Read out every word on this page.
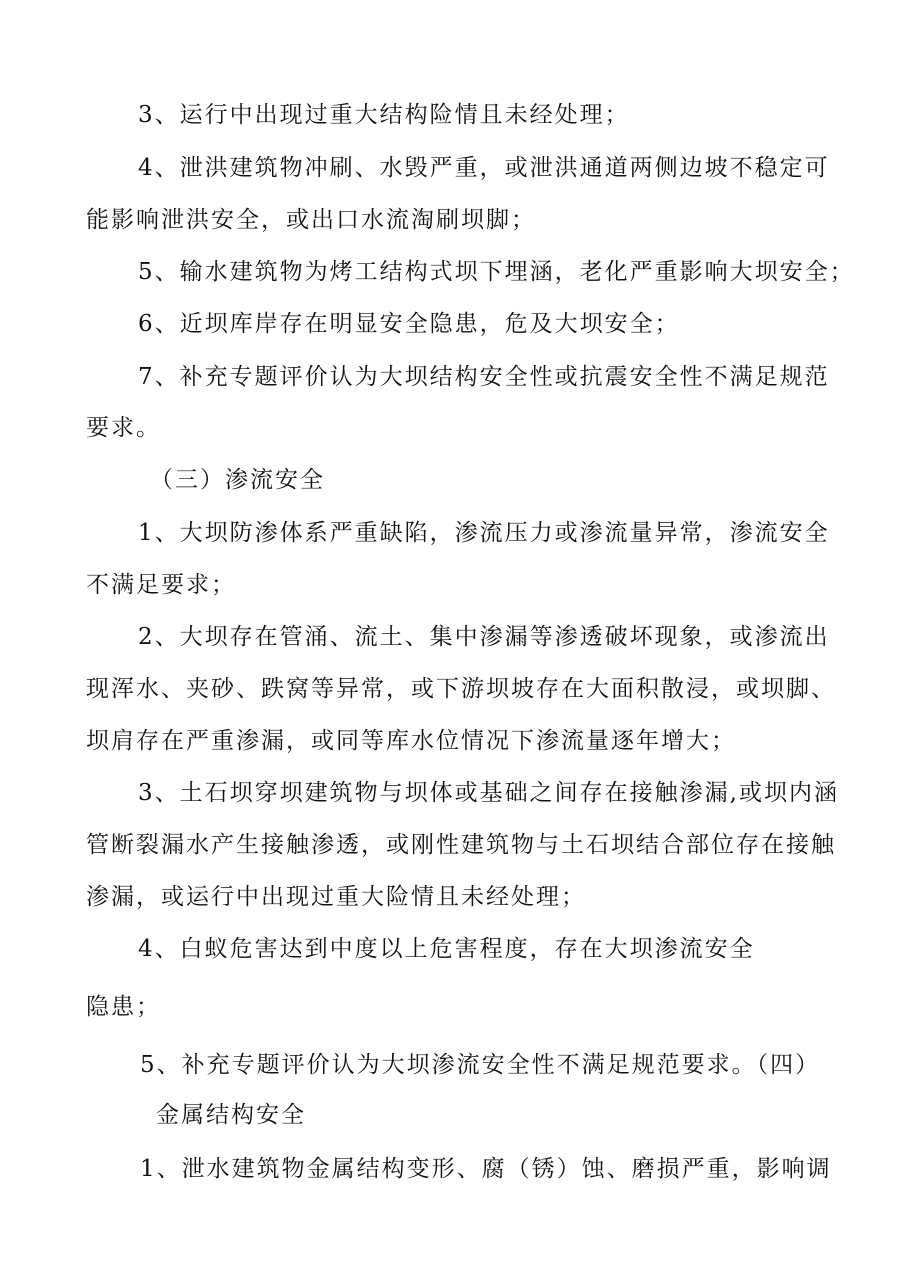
3、运行中出现过重大结构险情且未经处理；
4、泄洪建筑物冲刷、水毁严重，或泄洪通道两侧边坡不稳定可
能影响泄洪安全，或出口水流淘刷坝脚；
5、输水建筑物为烤工结构式坝下埋涵，老化严重影响大坝安全；
6、近坝库岸存在明显安全隐患，危及大坝安全；
7、补充专题评价认为大坝结构安全性或抗震安全性不满足规范
要求。
（三）渗流安全
1、大坝防渗体系严重缺陷，渗流压力或渗流量异常，渗流安全
不满足要求；
2、大坝存在管涌、流土、集中渗漏等渗透破坏现象，或渗流出
现浑水、夹砂、跌窝等异常，或下游坝坡存在大面积散浸，或坝脚、
坝肩存在严重渗漏，或同等库水位情况下渗流量逐年增大；
3、土石坝穿坝建筑物与坝体或基础之间存在接触渗漏,或坝内涵
管断裂漏水产生接触渗透，或刚性建筑物与土石坝结合部位存在接触
渗漏，或运行中出现过重大险情且未经处理；
4、白蚁危害达到中度以上危害程度，存在大坝渗流安全
隐患；
5、补充专题评价认为大坝渗流安全性不满足规范要求。（四）
金属结构安全
1、泄水建筑物金属结构变形、腐（锈）蚀、磨损严重，影响调
